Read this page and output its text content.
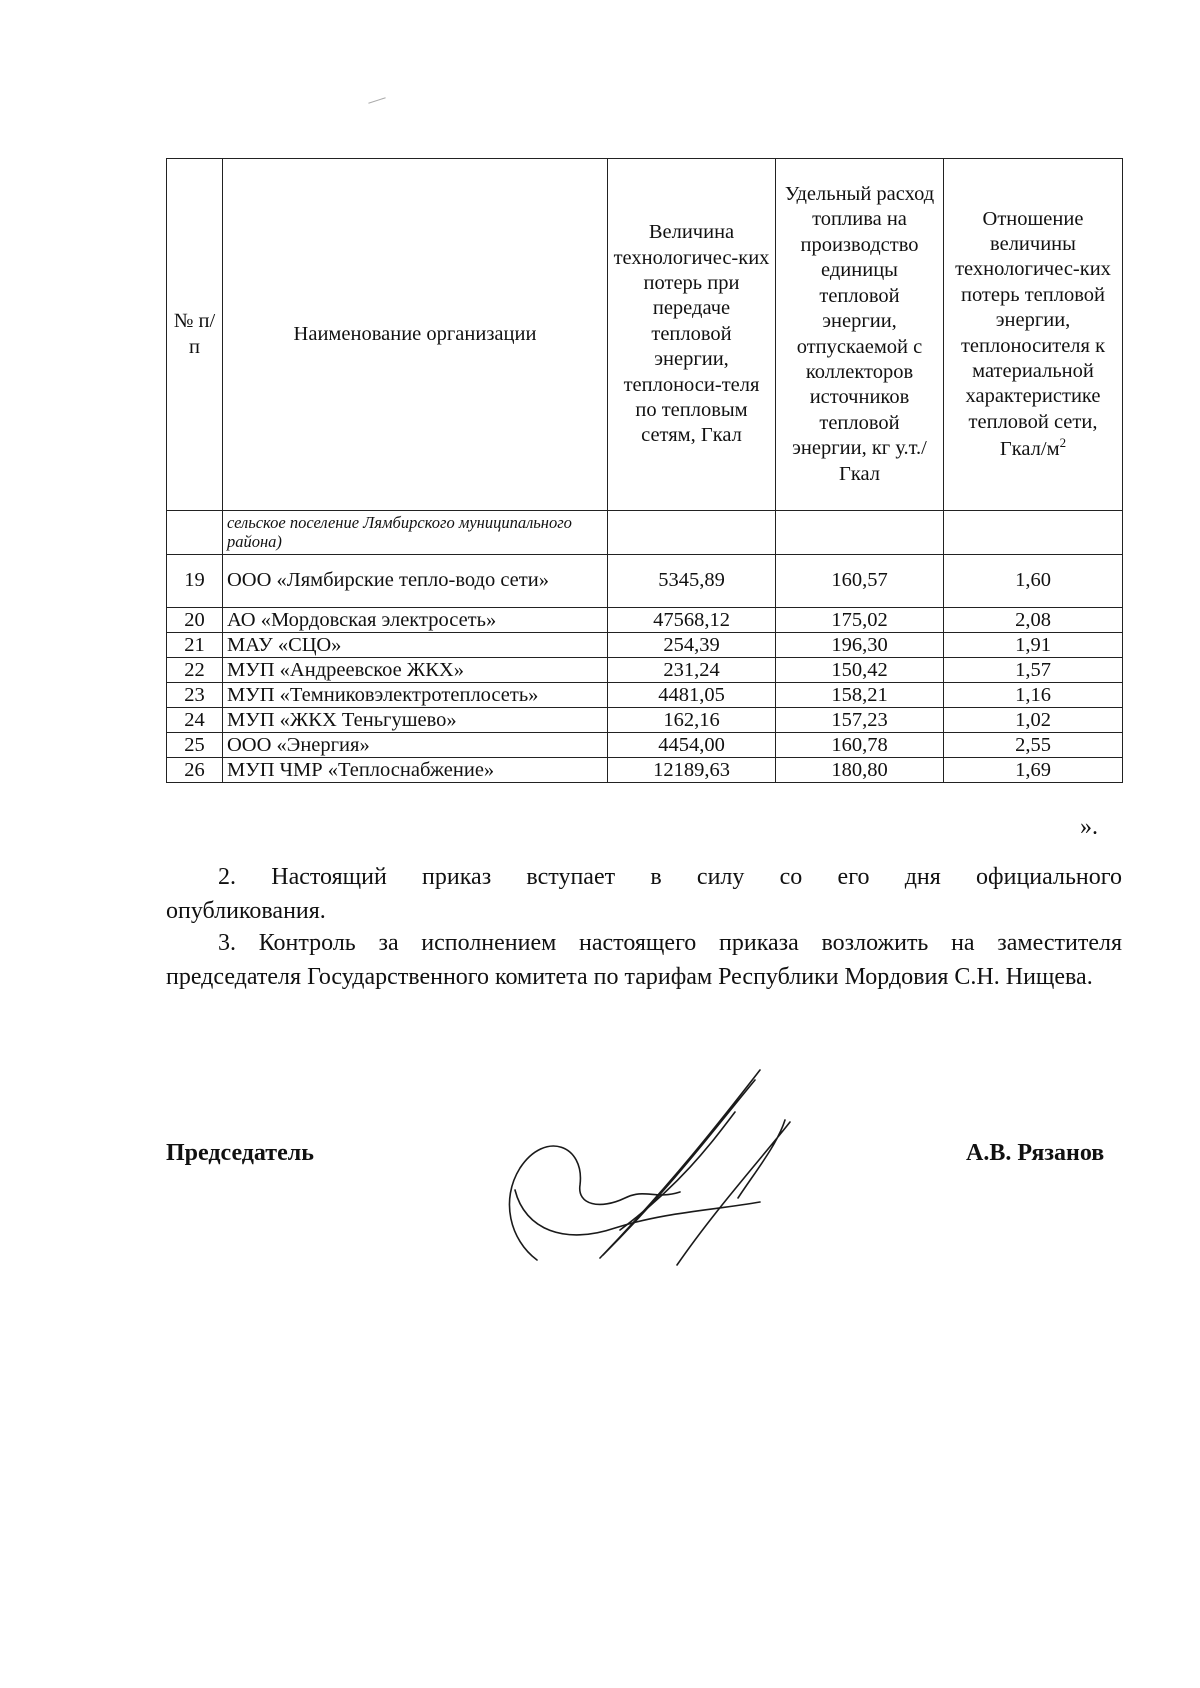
№ п/п	Наименование организации	Величина технологичес-ких потерь при передаче тепловой энергии, теплоноси-теля по тепловым сетям, Гкал	Удельный расход топлива на производство единицы тепловой энергии, отпускаемой с коллекторов источников тепловой энергии, кг у.т./Гкал	Отношение величины технологичес-ких потерь тепловой энергии, теплоносителя к материальной характеристике тепловой сети, Гкал/$м^2$

	сельское поселение Лямбирского муниципального района)			

19	ООО «Лямбирские тепло-водо сети»	5345,89	160,57	1,60
20	АО «Мордовская электросеть»	47568,12	175,02	2,08
21	МАУ «СЦО»	254,39	196,30	1,91
22	МУП «Андреевское ЖКХ»	231,24	150,42	1,57
23	МУП «Темниковэлектротеплосеть»	4481,05	158,21	1,16
24	МУП «ЖКХ Теньгушево»	162,16	157,23	1,02
25	ООО «Энергия»	4454,00	160,78	2,55
26	МУП ЧМР «Теплоснабжение»	12189,63	180,80	1,69
».

2. Настоящий приказ вступает в силу со его дня официального опубликования.

3. Контроль за исполнением настоящего приказа возложить на заместителя председателя Государственного комитета по тарифам Республики Мордовия С.Н. Нищева.

Председатель	А.В. Рязанов
